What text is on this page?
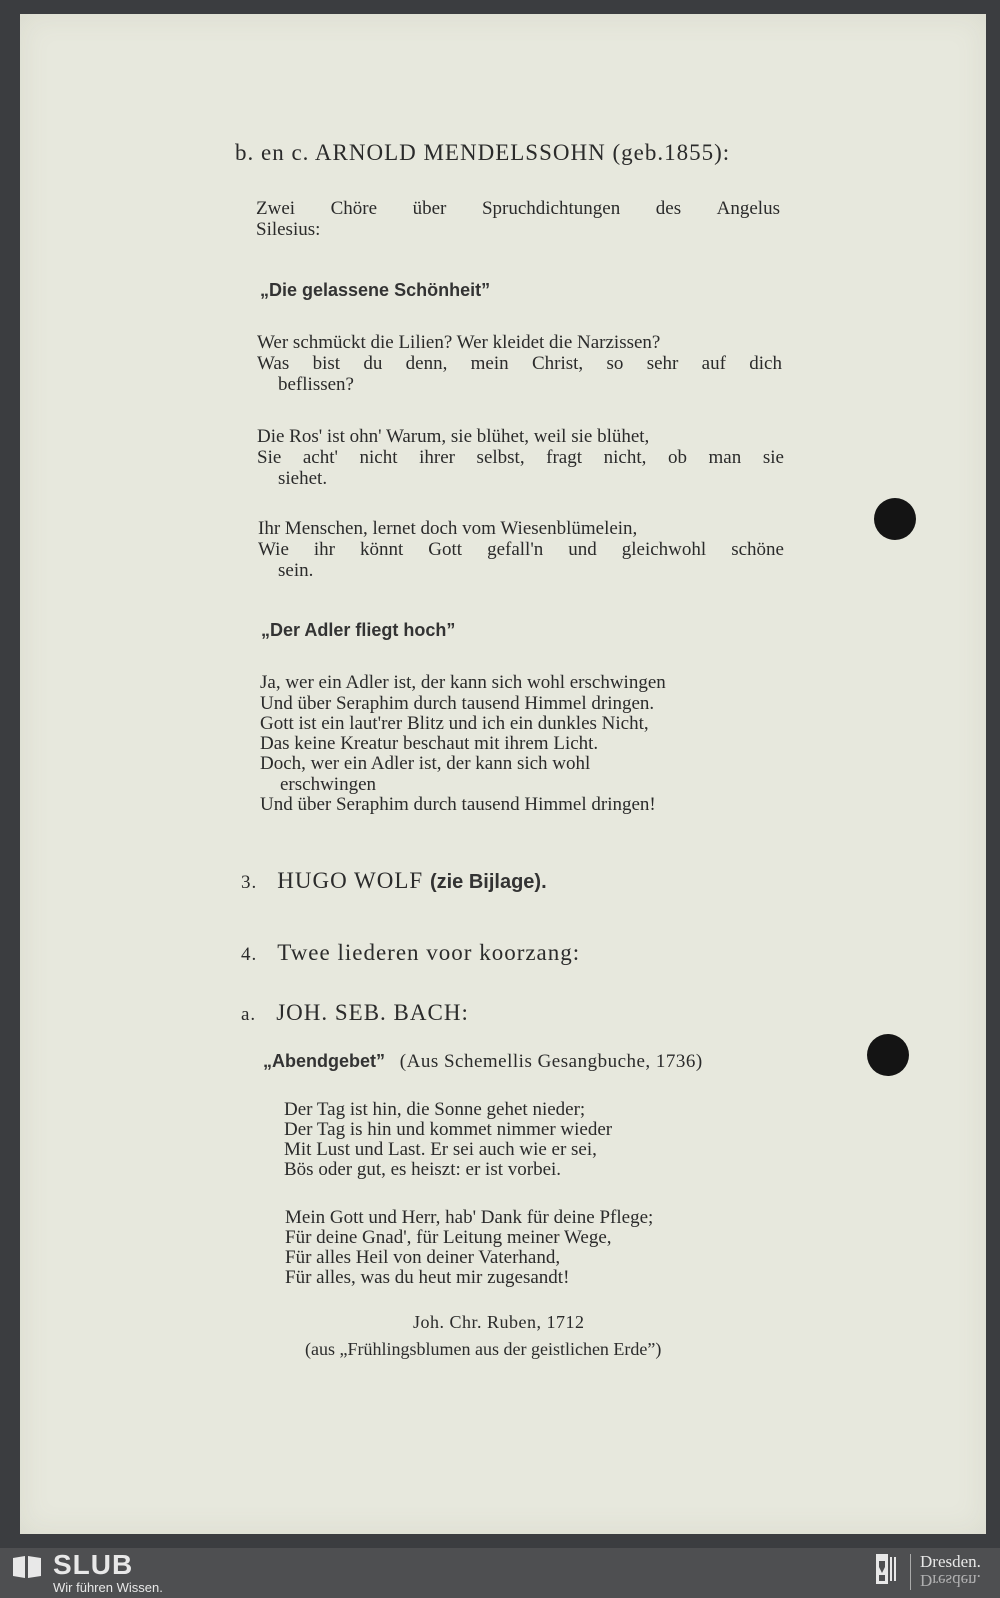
b. en c. ARNOLD MENDELSSOHN (geb.1855):
Zwei Chöre über Spruchdichtungen des Angelus
Silesius:
„Die gelassene Schönheit”
Wer schmückt die Lilien? Wer kleidet die Narzissen?
Was bist du denn, mein Christ, so sehr auf dich
beflissen?
Die Ros' ist ohn' Warum, sie blühet, weil sie blühet,
Sie acht' nicht ihrer selbst, fragt nicht, ob man sie
siehet.
Ihr Menschen, lernet doch vom Wiesenblümelein,
Wie ihr könnt Gott gefall'n und gleichwohl schöne
sein.
„Der Adler fliegt hoch”
Ja, wer ein Adler ist, der kann sich wohl erschwingen
Und über Seraphim durch tausend Himmel dringen.
Gott ist ein laut'rer Blitz und ich ein dunkles Nicht,
Das keine Kreatur beschaut mit ihrem Licht.
Doch, wer ein Adler ist, der kann sich wohl
erschwingen
Und über Seraphim durch tausend Himmel dringen!
3. HUGO WOLF (zie Bijlage).
4. Twee liederen voor koorzang:
a. JOH. SEB. BACH:
„Abendgebet” (Aus Schemellis Gesangbuche, 1736)
Der Tag ist hin, die Sonne gehet nieder;
Der Tag is hin und kommet nimmer wieder
Mit Lust und Last. Er sei auch wie er sei,
Bös oder gut, es heiszt: er ist vorbei.
Mein Gott und Herr, hab' Dank für deine Pflege;
Für deine Gnad', für Leitung meiner Wege,
Für alles Heil von deiner Vaterhand,
Für alles, was du heut mir zugesandt!
Joh. Chr. Ruben, 1712
(aus „Frühlingsblumen aus der geistlichen Erde”)
SLUB
Wir führen Wissen.
Dresden.
Dresden.
